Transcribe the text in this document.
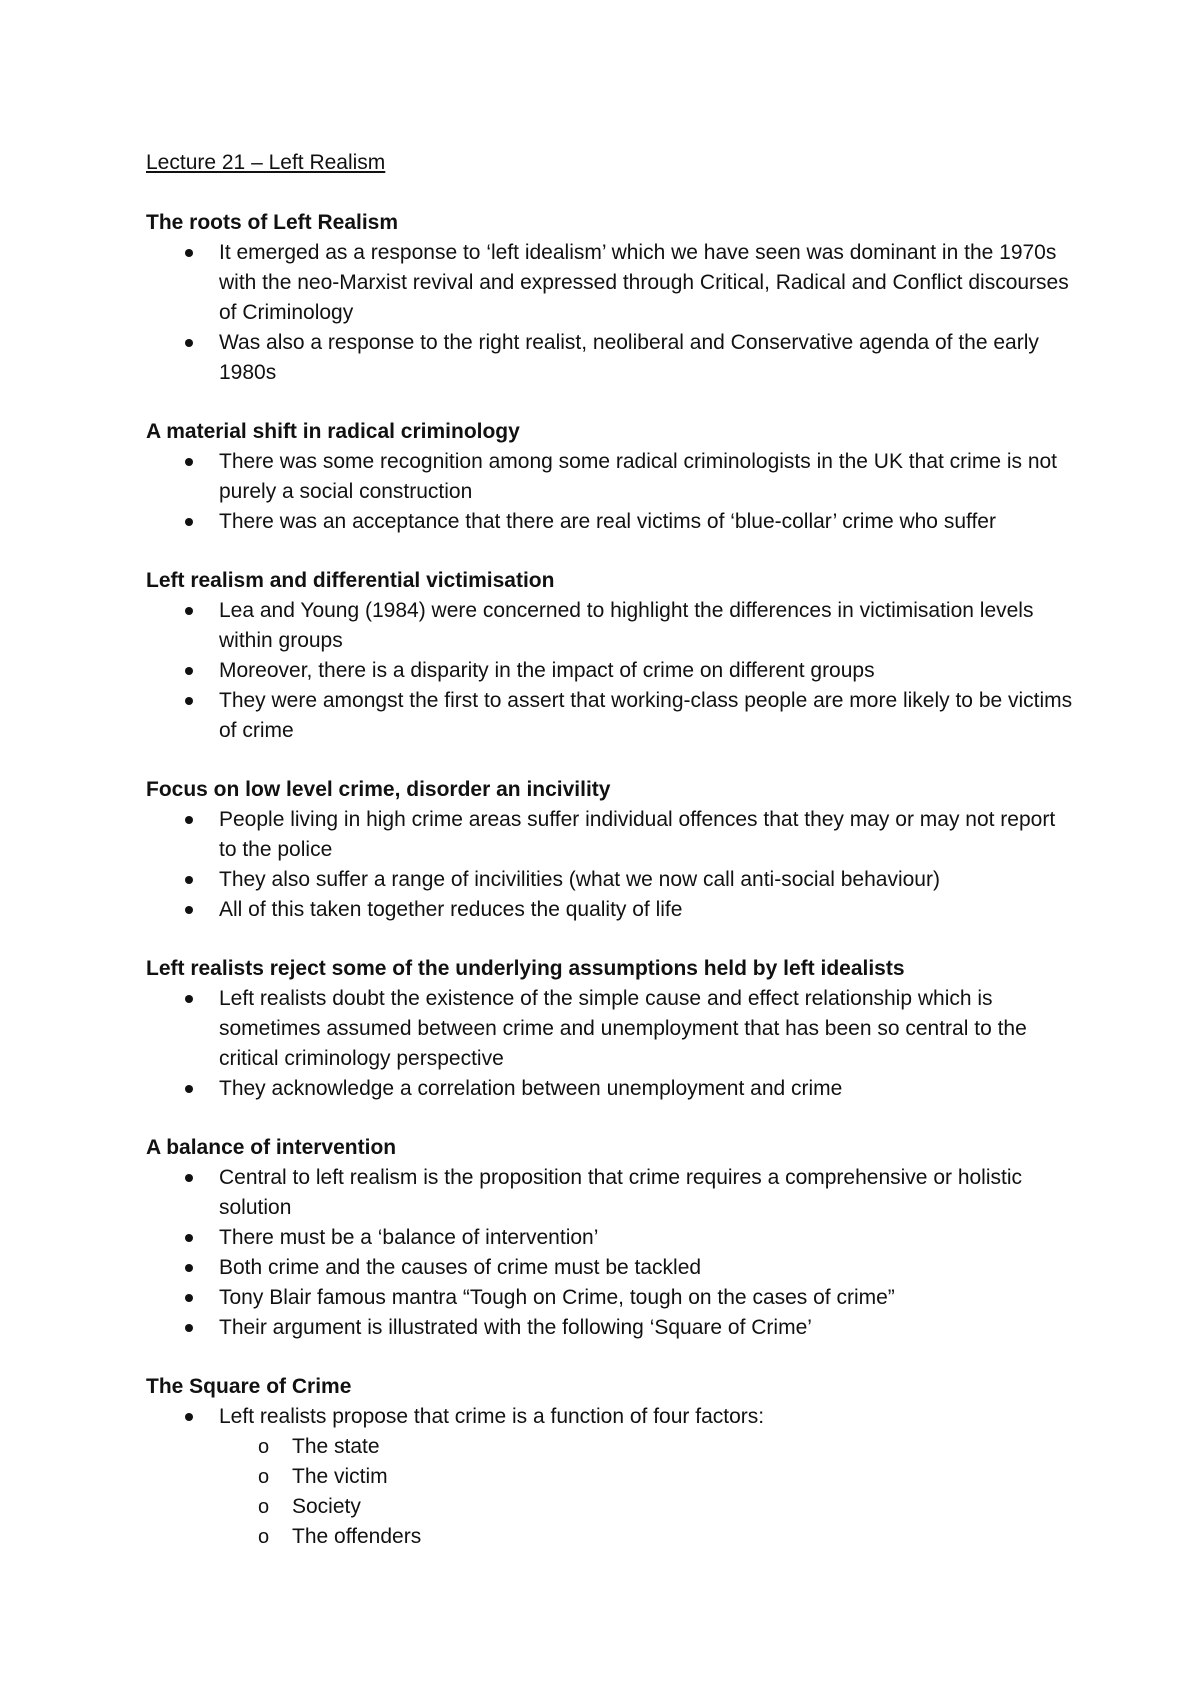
Lecture 21 – Left Realism
The roots of Left Realism
It emerged as a response to ‘left idealism’ which we have seen was dominant in the 1970s with the neo-Marxist revival and expressed through Critical, Radical and Conflict discourses of Criminology
Was also a response to the right realist, neoliberal and Conservative agenda of the early 1980s
A material shift in radical criminology
There was some recognition among some radical criminologists in the UK that crime is not purely a social construction
There was an acceptance that there are real victims of ‘blue-collar’ crime who suffer
Left realism and differential victimisation
Lea and Young (1984) were concerned to highlight the differences in victimisation levels within groups
Moreover, there is a disparity in the impact of crime on different groups
They were amongst the first to assert that working-class people are more likely to be victims of crime
Focus on low level crime, disorder an incivility
People living in high crime areas suffer individual offences that they may or may not report to the police
They also suffer a range of incivilities (what we now call anti-social behaviour)
All of this taken together reduces the quality of life
Left realists reject some of the underlying assumptions held by left idealists
Left realists doubt the existence of the simple cause and effect relationship which is sometimes assumed between crime and unemployment that has been so central to the critical criminology perspective
They acknowledge a correlation between unemployment and crime
A balance of intervention
Central to left realism is the proposition that crime requires a comprehensive or holistic solution
There must be a ‘balance of intervention’
Both crime and the causes of crime must be tackled
Tony Blair famous mantra “Tough on Crime, tough on the cases of crime”
Their argument is illustrated with the following ‘Square of Crime’
The Square of Crime
Left realists propose that crime is a function of four factors:
o The state
o The victim
o Society
o The offenders
